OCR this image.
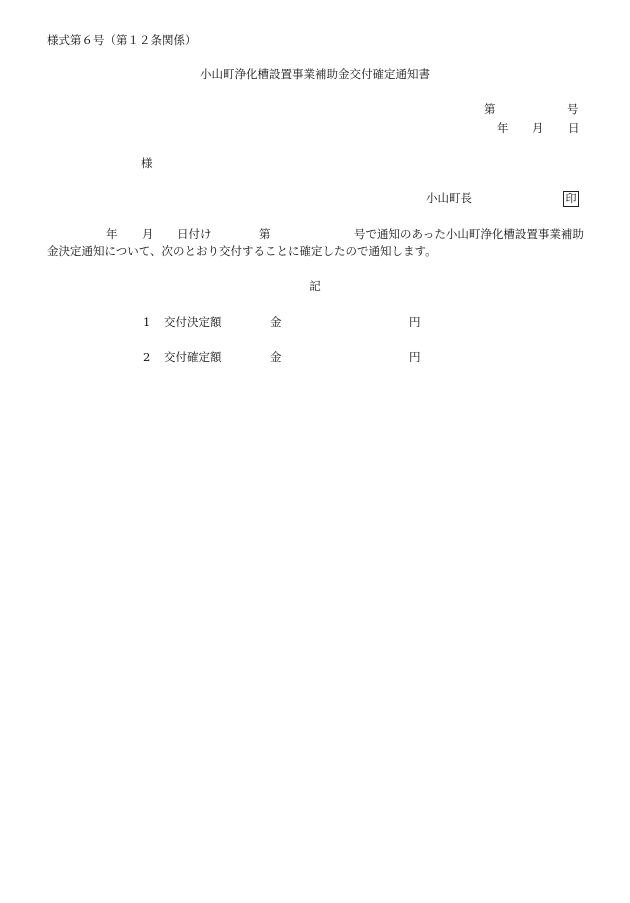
様式第６号（第１２条関係）
小山町浄化槽設置事業補助金交付確定通知書
第	号
年 月 日
様
小山町長	印
年 月 日付け	第	号で通知のあった小山町浄化槽設置事業補助
金決定通知について、次のとおり交付することに確定したので通知します。
記
1 交付決定額	金	円
2 交付確定額	金	円
